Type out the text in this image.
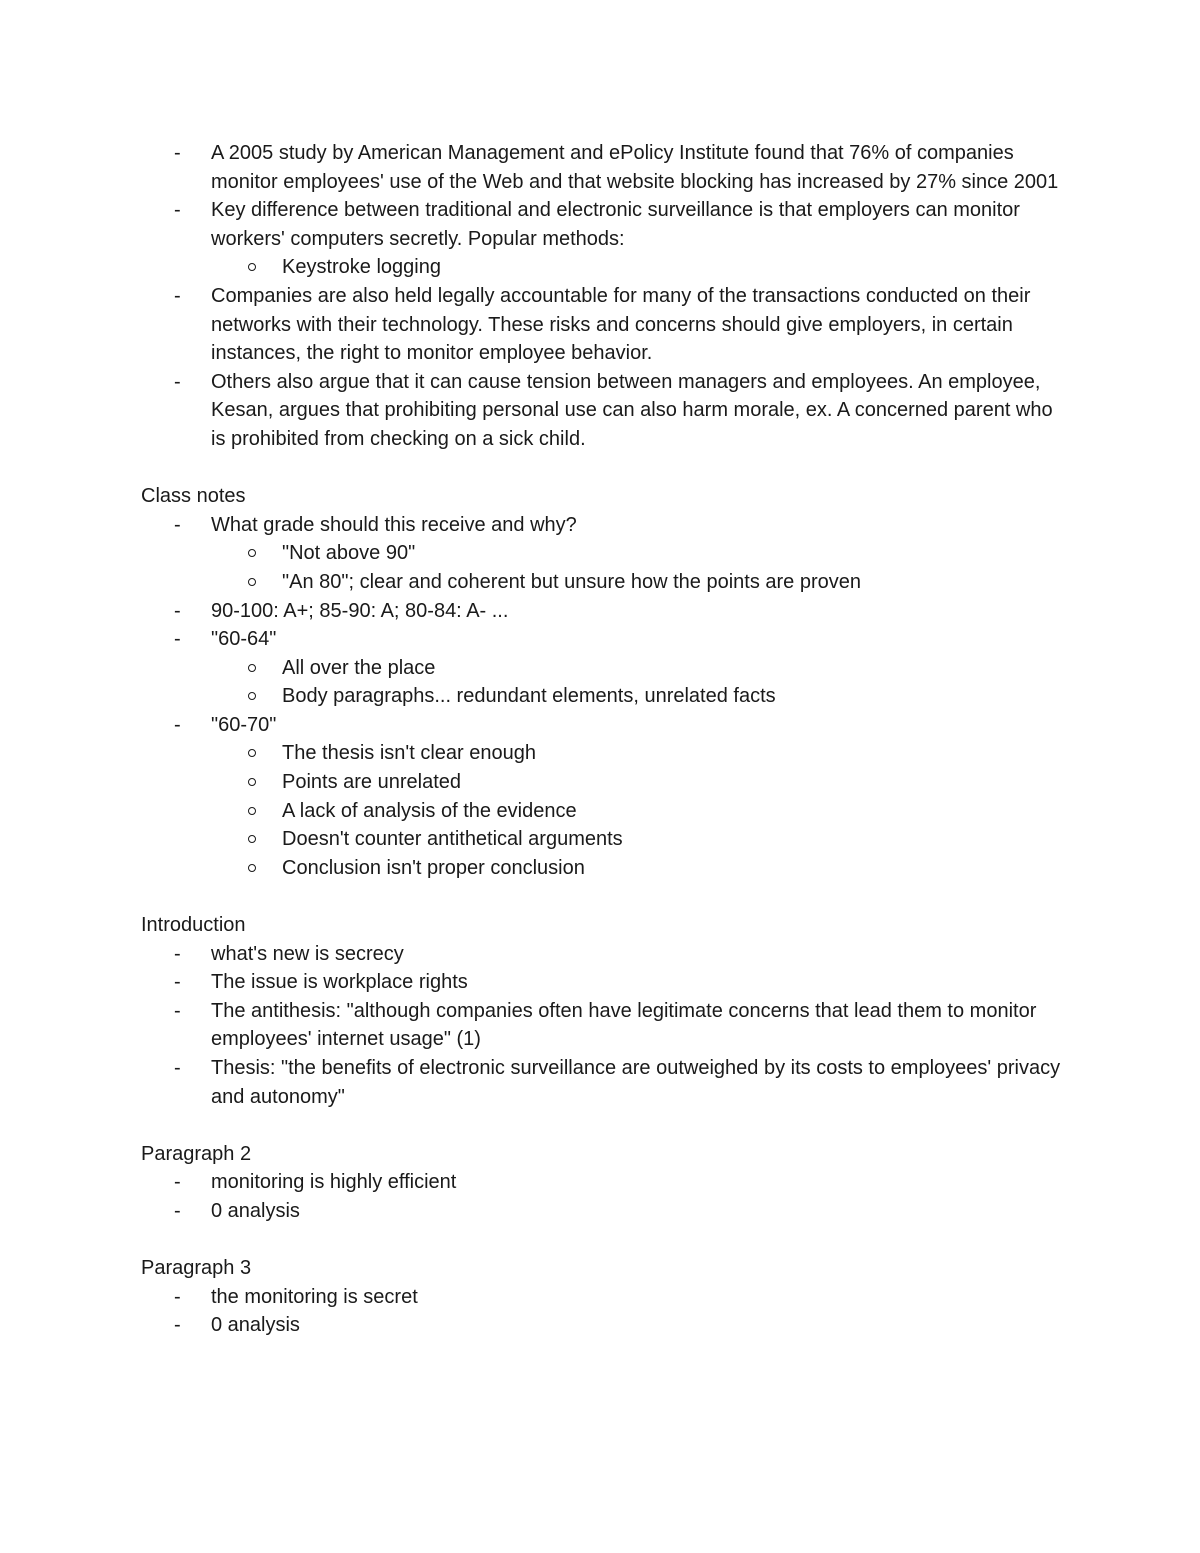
- A 2005 study by American Management and ePolicy Institute found that 76% of companies monitor employees' use of the Web and that website blocking has increased by 27% since 2001
- Key difference between traditional and electronic surveillance is that employers can monitor workers' computers secretly. Popular methods:
Keystroke logging
- Companies are also held legally accountable for many of the transactions conducted on their networks with their technology. These risks and concerns should give employers, in certain instances, the right to monitor employee behavior.
- Others also argue that it can cause tension between managers and employees. An employee, Kesan, argues that prohibiting personal use can also harm morale, ex. A concerned parent who is prohibited from checking on a sick child.
Class notes
- What grade should this receive and why?
"Not above 90"
"An 80"; clear and coherent but unsure how the points are proven
- 90-100: A+; 85-90: A; 80-84: A- ...
- "60-64"
All over the place
Body paragraphs... redundant elements, unrelated facts
- "60-70"
The thesis isn't clear enough
Points are unrelated
A lack of analysis of the evidence
Doesn't counter antithetical arguments
Conclusion isn't proper conclusion
Introduction
- what's new is secrecy
- The issue is workplace rights
- The antithesis: "although companies often have legitimate concerns that lead them to monitor employees' internet usage" (1)
- Thesis: "the benefits of electronic surveillance are outweighed by its costs to employees' privacy and autonomy"
Paragraph 2
- monitoring is highly efficient
- 0 analysis
Paragraph 3
- the monitoring is secret
- 0 analysis
